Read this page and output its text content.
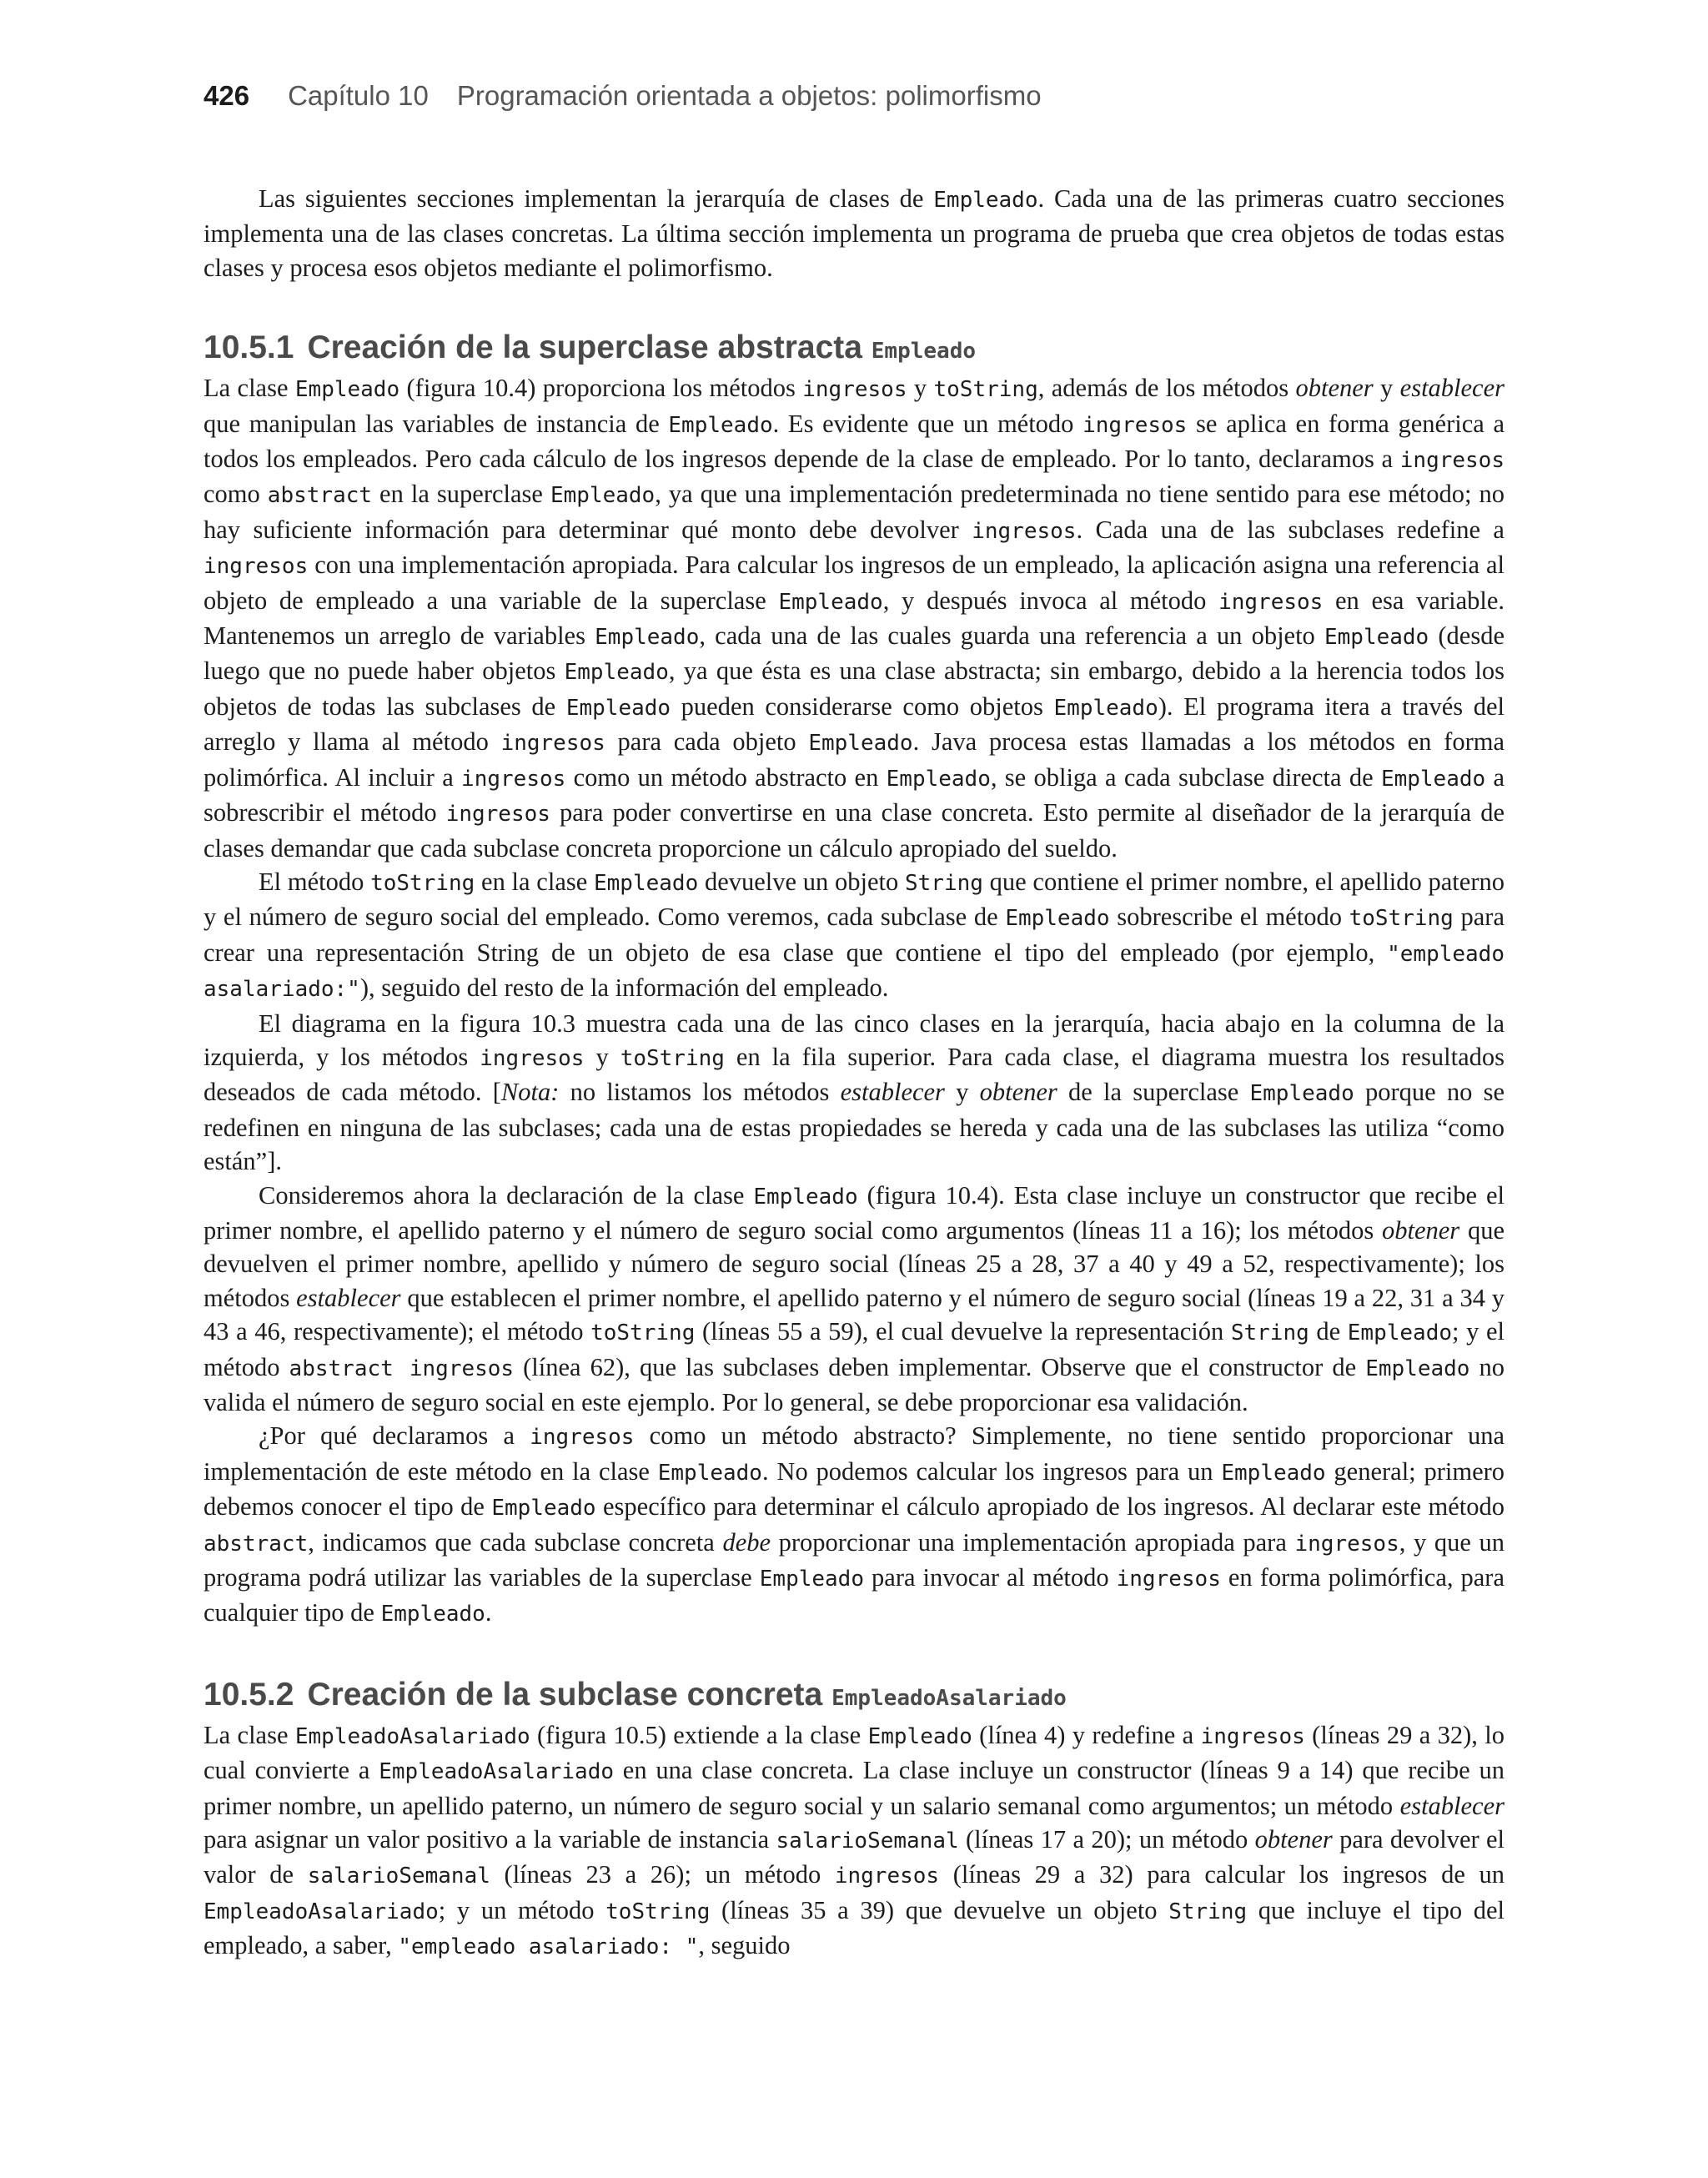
426 Capítulo 10 Programación orientada a objetos: polimorfismo

Las siguientes secciones implementan la jerarquía de clases de Empleado. Cada una de las primeras cuatro secciones implementa una de las clases concretas. La última sección implementa un programa de prueba que crea objetos de todas estas clases y procesa esos objetos mediante el polimorfismo.

10.5.1 Creación de la superclase abstracta Empleado

La clase Empleado (figura 10.4) proporciona los métodos ingresos y toString, además de los métodos obtener y establecer que manipulan las variables de instancia de Empleado. Es evidente que un método ingresos se aplica en forma genérica a todos los empleados. Pero cada cálculo de los ingresos depende de la clase de empleado. Por lo tanto, declaramos a ingresos como abstract en la superclase Empleado, ya que una implementación predeterminada no tiene sentido para ese método; no hay suficiente información para determinar qué monto debe devolver ingresos. Cada una de las subclases redefine a ingresos con una implementación apropiada. Para calcular los ingresos de un empleado, la aplicación asigna una referencia al objeto de empleado a una variable de la superclase Empleado, y después invoca al método ingresos en esa variable. Mantenemos un arreglo de variables Empleado, cada una de las cuales guarda una referencia a un objeto Empleado (desde luego que no puede haber objetos Empleado, ya que ésta es una clase abstracta; sin embargo, debido a la herencia todos los objetos de todas las subclases de Empleado pueden considerarse como objetos Empleado). El programa itera a través del arreglo y llama al método ingresos para cada objeto Empleado. Java procesa estas llamadas a los métodos en forma polimórfica. Al incluir a ingresos como un método abstracto en Empleado, se obliga a cada subclase directa de Empleado a sobrescribir el método ingresos para poder convertirse en una clase concreta. Esto permite al diseñador de la jerarquía de clases demandar que cada subclase concreta proporcione un cálculo apropiado del sueldo.

El método toString en la clase Empleado devuelve un objeto String que contiene el primer nombre, el apellido paterno y el número de seguro social del empleado. Como veremos, cada subclase de Empleado sobrescribe el método toString para crear una representación String de un objeto de esa clase que contiene el tipo del empleado (por ejemplo, "empleado asalariado:"), seguido del resto de la información del empleado.

El diagrama en la figura 10.3 muestra cada una de las cinco clases en la jerarquía, hacia abajo en la columna de la izquierda, y los métodos ingresos y toString en la fila superior. Para cada clase, el diagrama muestra los resultados deseados de cada método. [Nota: no listamos los métodos establecer y obtener de la superclase Empleado porque no se redefinen en ninguna de las subclases; cada una de estas propiedades se hereda y cada una de las subclases las utiliza “como están”].

Consideremos ahora la declaración de la clase Empleado (figura 10.4). Esta clase incluye un constructor que recibe el primer nombre, el apellido paterno y el número de seguro social como argumentos (líneas 11 a 16); los métodos obtener que devuelven el primer nombre, apellido y número de seguro social (líneas 25 a 28, 37 a 40 y 49 a 52, respectivamente); los métodos establecer que establecen el primer nombre, el apellido paterno y el número de seguro social (líneas 19 a 22, 31 a 34 y 43 a 46, respectivamente); el método toString (líneas 55 a 59), el cual devuelve la representación String de Empleado; y el método abstract ingresos (línea 62), que las subclases deben implementar. Observe que el constructor de Empleado no valida el número de seguro social en este ejemplo. Por lo general, se debe proporcionar esa validación.

¿Por qué declaramos a ingresos como un método abstracto? Simplemente, no tiene sentido proporcionar una implementación de este método en la clase Empleado. No podemos calcular los ingresos para un Empleado general; primero debemos conocer el tipo de Empleado específico para determinar el cálculo apropiado de los ingresos. Al declarar este método abstract, indicamos que cada subclase concreta debe proporcionar una implementación apropiada para ingresos, y que un programa podrá utilizar las variables de la superclase Empleado para invocar al método ingresos en forma polimórfica, para cualquier tipo de Empleado.

10.5.2 Creación de la subclase concreta EmpleadoAsalariado

La clase EmpleadoAsalariado (figura 10.5) extiende a la clase Empleado (línea 4) y redefine a ingresos (líneas 29 a 32), lo cual convierte a EmpleadoAsalariado en una clase concreta. La clase incluye un constructor (líneas 9 a 14) que recibe un primer nombre, un apellido paterno, un número de seguro social y un salario semanal como argumentos; un método establecer para asignar un valor positivo a la variable de instancia salarioSemanal (líneas 17 a 20); un método obtener para devolver el valor de salarioSemanal (líneas 23 a 26); un método ingresos (líneas 29 a 32) para calcular los ingresos de un EmpleadoAsalariado; y un método toString (líneas 35 a 39) que devuelve un objeto String que incluye el tipo del empleado, a saber, "empleado asalariado: ", seguido
